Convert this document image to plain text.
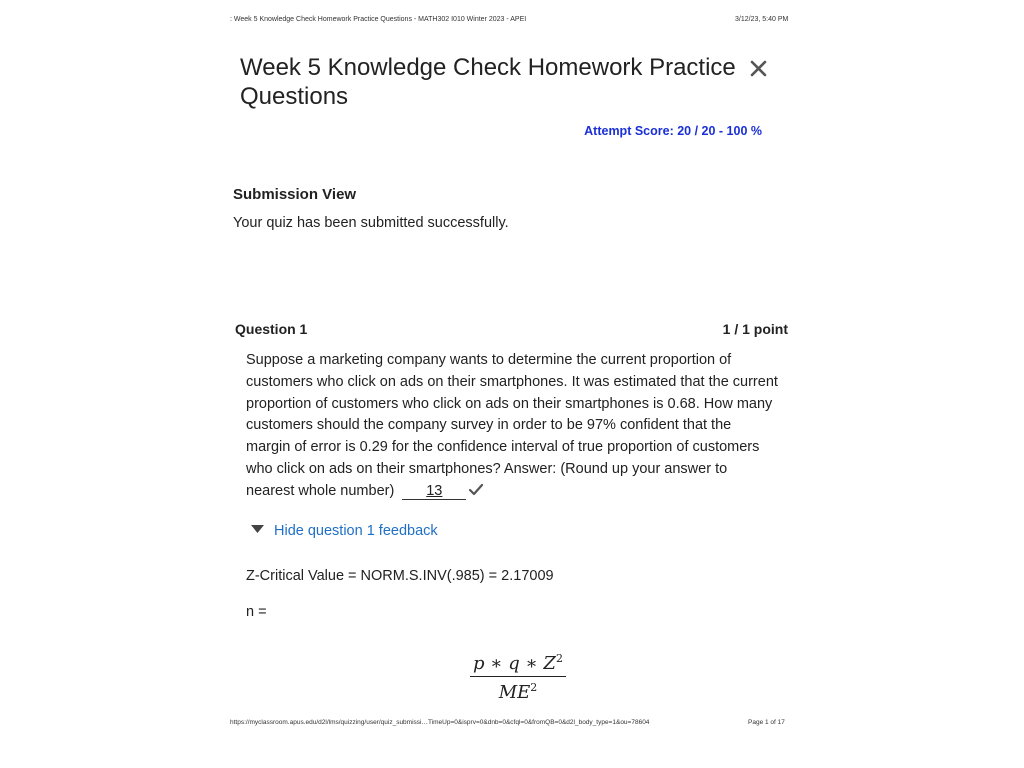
: Week 5 Knowledge Check Homework Practice Questions - MATH302 I010 Winter 2023 - APEI	3/12/23, 5:40 PM
Week 5 Knowledge Check Homework Practice Questions
Attempt Score: 20 / 20 - 100 %
Submission View
Your quiz has been submitted successfully.
Question 1	1 / 1 point
Suppose a marketing company wants to determine the current proportion of customers who click on ads on their smartphones. It was estimated that the current proportion of customers who click on ads on their smartphones is 0.68. How many customers should the company survey in order to be 97% confident that the margin of error is 0.29 for the confidence interval of true proportion of customers who click on ads on their smartphones? Answer: (Round up your answer to nearest whole number) 13
Hide question 1 feedback
Z-Critical Value = NORM.S.INV(.985) = 2.17009
n =
$\frac{p ∗ q ∗ Z^2}{ME^2}$
https://myclassroom.apus.edu/d2l/lms/quizzing/user/quiz_submissi…TimeUp=0&isprv=0&dnb=0&cfql=0&fromQB=0&d2l_body_type=1&ou=78604	Page 1 of 17
